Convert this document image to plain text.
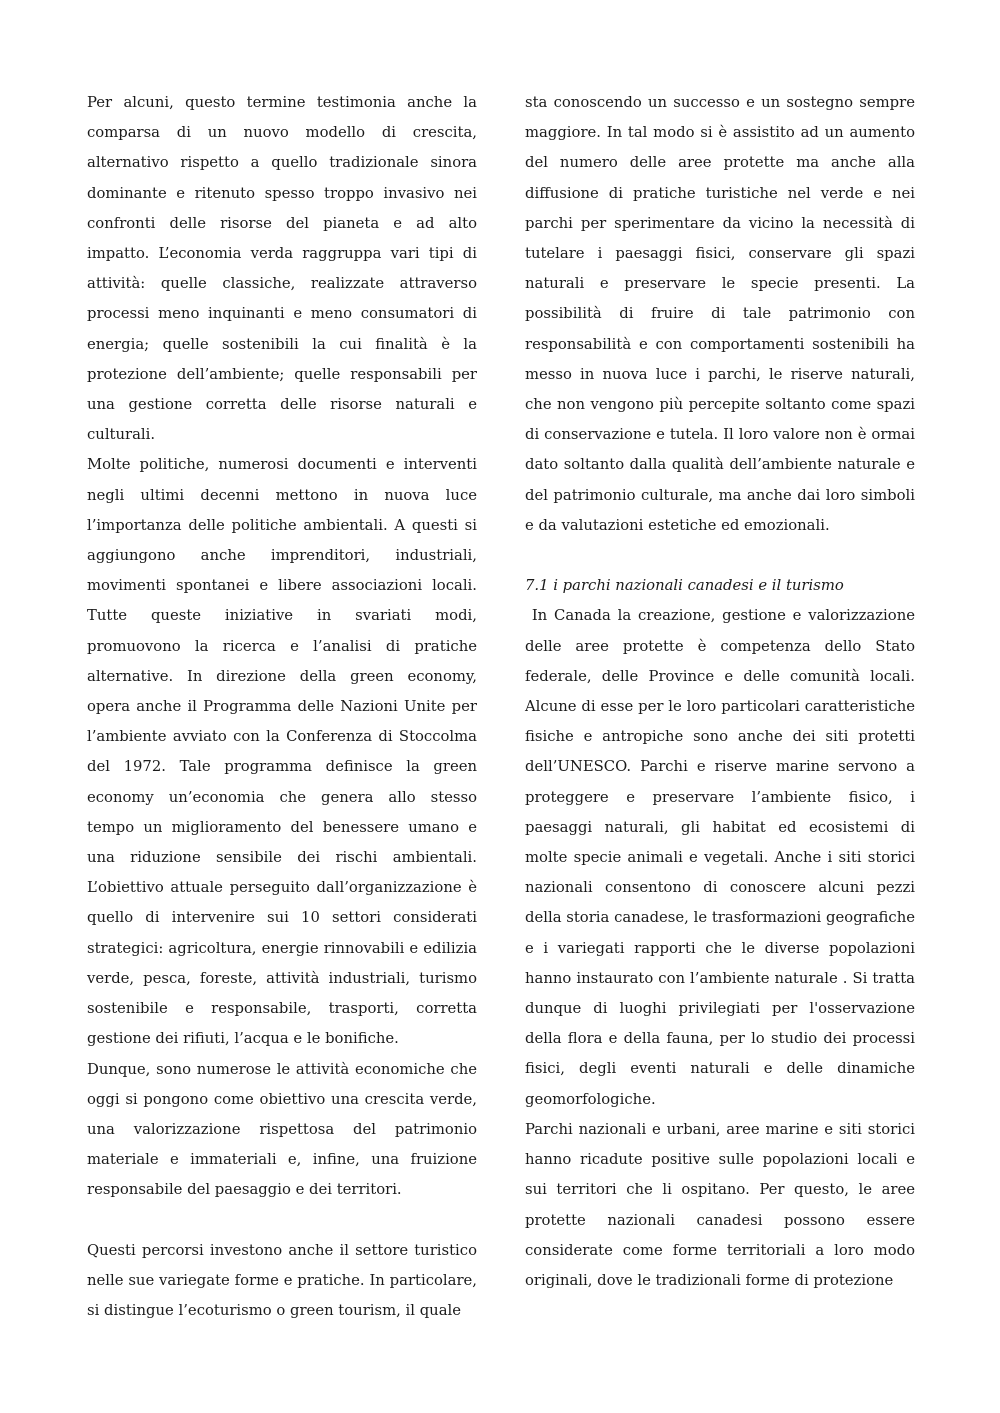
Per alcuni, questo termine testimonia anche la comparsa di un nuovo modello di crescita, alternativo rispetto a quello tradizionale sinora dominante e ritenuto spesso troppo invasivo nei confronti delle risorse del pianeta e ad alto impatto. L’economia verda raggruppa vari tipi di attività: quelle classiche, realizzate attraverso processi meno inquinanti e meno consumatori di energia; quelle sostenibili la cui finalità è la protezione dell’ambiente; quelle responsabili per una gestione corretta delle risorse naturali e culturali.

Molte politiche, numerosi documenti e interventi negli ultimi decenni mettono in nuova luce l’importanza delle politiche ambientali. A questi si aggiungono anche imprenditori, industriali, movimenti spontanei e libere associazioni locali. Tutte queste iniziative in svariati modi, promuovono la ricerca e l’analisi di pratiche alternative. In direzione della green economy, opera anche il Programma delle Nazioni Unite per l’ambiente avviato con la Conferenza di Stoccolma del 1972. Tale programma definisce la green economy un’economia che genera allo stesso tempo un miglioramento del benessere umano e una riduzione sensibile dei rischi ambientali. L’obiettivo attuale perseguito dall’organizzazione è quello di intervenire sui 10 settori considerati strategici: agricoltura, energie rinnovabili e edilizia verde, pesca, foreste, attività industriali, turismo sostenibile e responsabile, trasporti, corretta gestione dei rifiuti, l’acqua e le bonifiche.

Dunque, sono numerose le attività economiche che oggi si pongono come obiettivo una crescita verde, una valorizzazione rispettosa del patrimonio materiale e immateriali e, infine, una fruizione responsabile del paesaggio e dei territori.

Questi percorsi investono anche il settore turistico nelle sue variegate forme e pratiche. In particolare, si distingue l’ecoturismo o green tourism, il quale

sta conoscendo un successo e un sostegno sempre maggiore. In tal modo si è assistito ad un aumento del numero delle aree protette ma anche alla diffusione di pratiche turistiche nel verde e nei parchi per sperimentare da vicino la necessità di tutelare i paesaggi fisici, conservare gli spazi naturali e preservare le specie presenti. La possibilità di fruire di tale patrimonio con responsabilità e con comportamenti sostenibili ha messo in nuova luce i parchi, le riserve naturali, che non vengono più percepite soltanto come spazi di conservazione e tutela. Il loro valore non è ormai dato soltanto dalla qualità dell’ambiente naturale e del patrimonio culturale, ma anche dai loro simboli e da valutazioni estetiche ed emozionali.

7.1 i parchi nazionali canadesi e il turismo

In Canada la creazione, gestione e valorizzazione delle aree protette è competenza dello Stato federale, delle Province e delle comunità locali. Alcune di esse per le loro particolari caratteristiche fisiche e antropiche sono anche dei siti protetti dell’UNESCO. Parchi e riserve marine servono a proteggere e preservare l’ambiente fisico, i paesaggi naturali, gli habitat ed ecosistemi di molte specie animali e vegetali. Anche i siti storici nazionali consentono di conoscere alcuni pezzi della storia canadese, le trasformazioni geografiche e i variegati rapporti che le diverse popolazioni hanno instaurato con l’ambiente naturale . Si tratta dunque di luoghi privilegiati per l'osservazione della flora e della fauna, per lo studio dei processi fisici, degli eventi naturali e delle dinamiche geomorfologiche.

Parchi nazionali e urbani, aree marine e siti storici hanno ricadute positive sulle popolazioni locali e sui territori che li ospitano. Per questo, le aree protette nazionali canadesi possono essere considerate come forme territoriali a loro modo originali, dove le tradizionali forme di protezione
